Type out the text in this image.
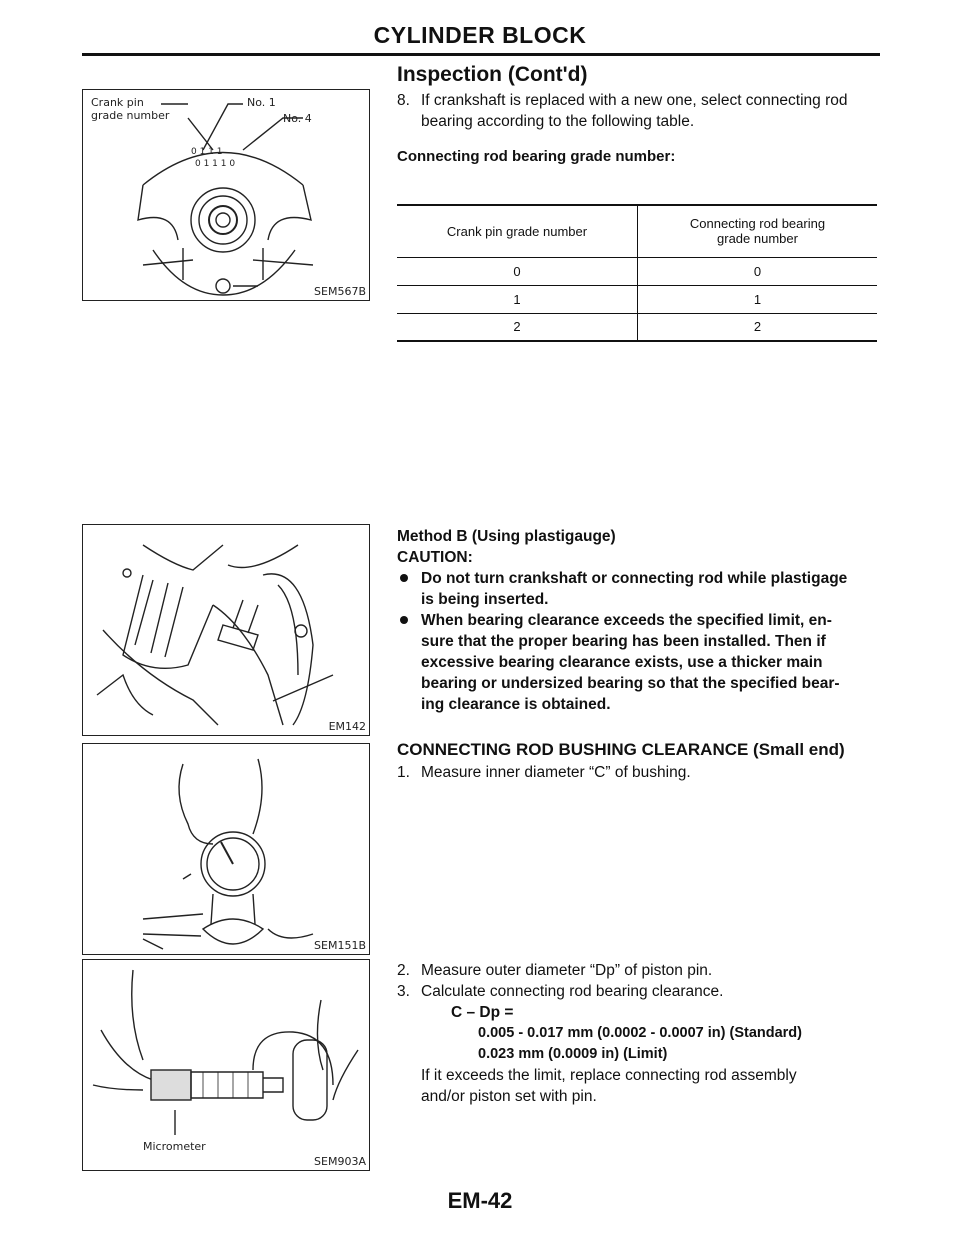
CYLINDER BLOCK
Inspection (Cont'd)
0 1 1 1
0 1 1 1 0
Crank pin
grade number
No. 1
No. 4
SEM567B
8. If crankshaft is replaced with a new one, select connecting rod
bearing according to the following table.
Connecting rod bearing grade number:
Crank pin grade number	Connecting rod bearing
grade number

0	0
1	1
2	2
EM142
Method B (Using plastigauge)
CAUTION:
Do not turn crankshaft or connecting rod while plastigage
is being inserted.
When bearing clearance exceeds the specified limit, en-
sure that the proper bearing has been installed. Then if
excessive bearing clearance exists, use a thicker main
bearing or undersized bearing so that the specified bear-
ing clearance is obtained.
SEM151B
CONNECTING ROD BUSHING CLEARANCE (Small end)
1. Measure inner diameter “C” of bushing.
Micrometer
SEM903A
2. Measure outer diameter “Dp” of piston pin.
3. Calculate connecting rod bearing clearance.
C – Dp =
0.005 - 0.017 mm (0.0002 - 0.0007 in) (Standard)
0.023 mm (0.0009 in) (Limit)
If it exceeds the limit, replace connecting rod assembly
and/or piston set with pin.
EM-42
